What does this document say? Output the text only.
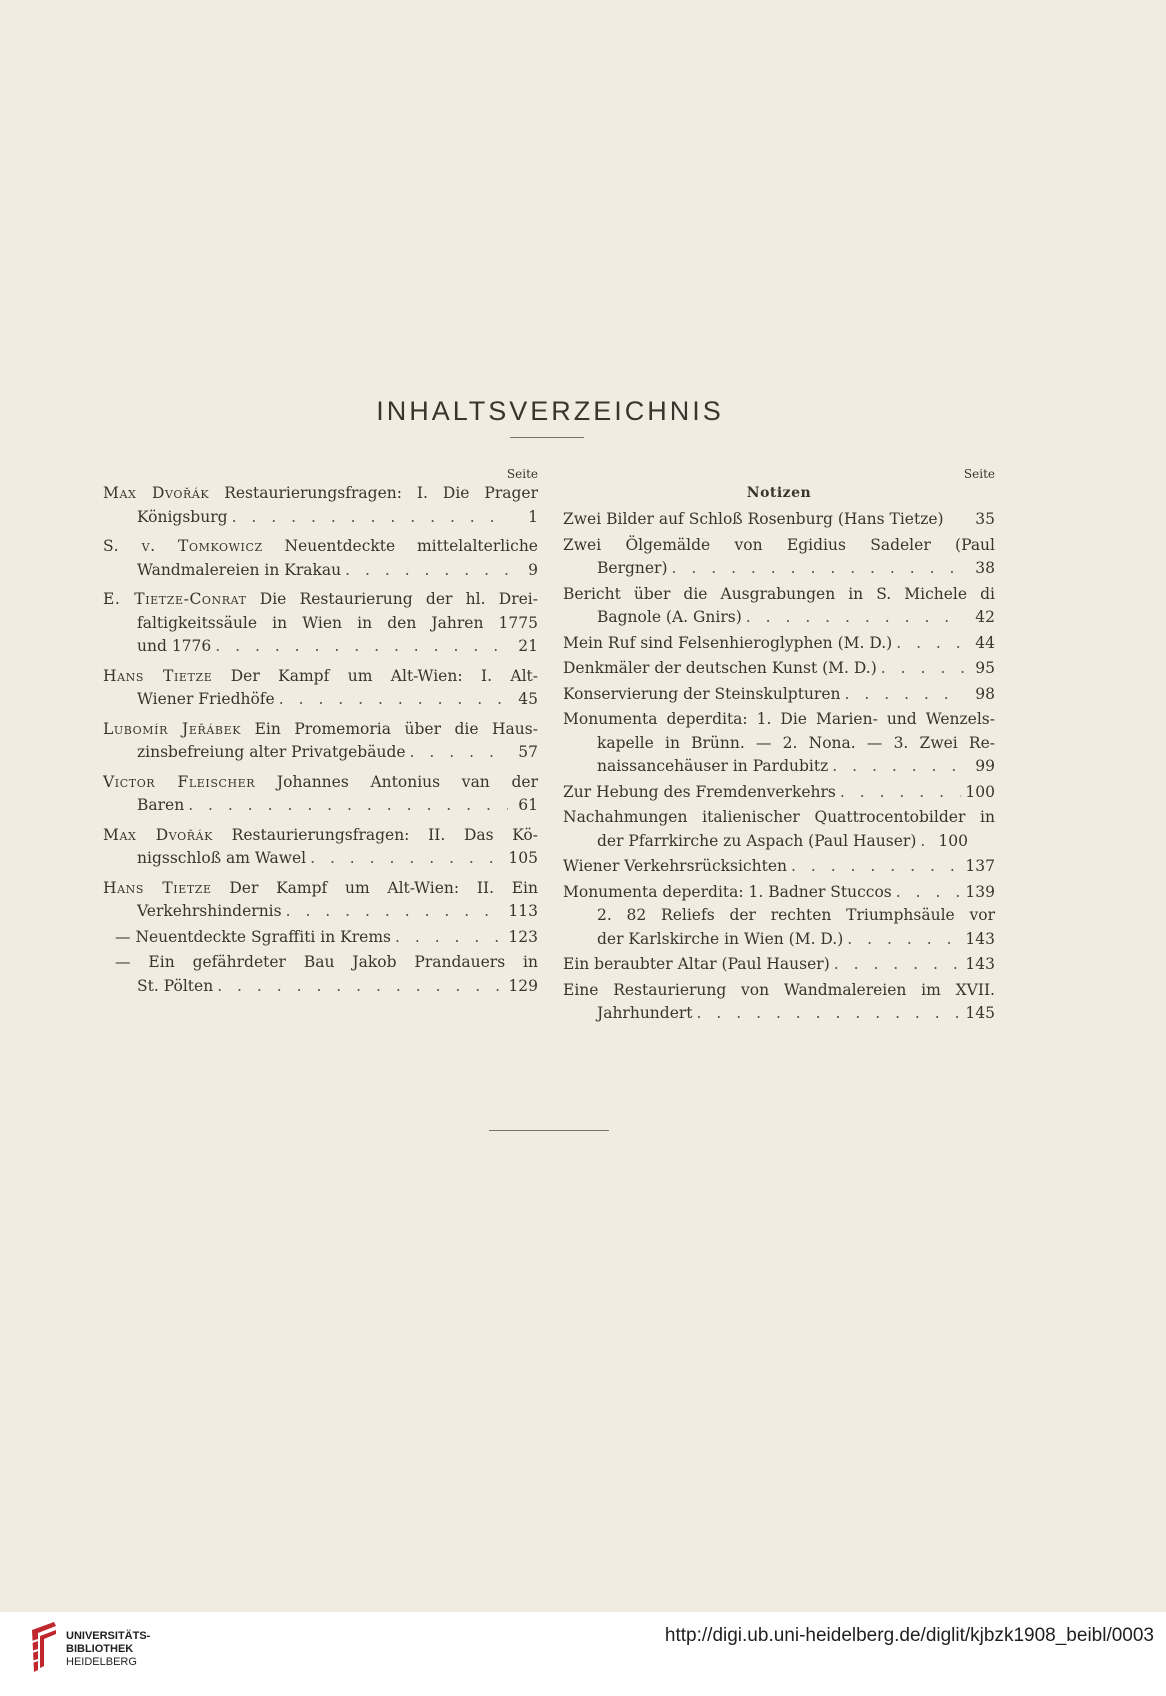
INHALTSVERZEICHNIS
Seite
Max Dvořák Restaurierungsfragen: I. Die Prager
Königsburg . . .	1
S. v. Tomkowicz Neuentdeckte mittelalterliche
Wandmalereien in Krakau . . .	9
E. Tietze-Conrat Die Restaurierung der hl. Drei-
faltigkeitssäule in Wien in den Jahren 1775
und 1776 . . .	21
Hans Tietze Der Kampf um Alt-Wien: I. Alt-
Wiener Friedhöfe . . .	45
Lubomír Jeřábek Ein Promemoria über die Haus-
zinsbefreiung alter Privatgebäude . . .	57
Victor Fleischer Johannes Antonius van der
Baren . . .	61
Max Dvořák Restaurierungsfragen: II. Das Kö-
nigsschloß am Wawel . . .	105
Hans Tietze Der Kampf um Alt-Wien: II. Ein
Verkehrshindernis . . .	113
—
Neuentdeckte Sgraffiti in Krems . . .	123
— Ein gefährdeter Bau Jakob Prandauers in
St. Pölten . . .	129
Seite
Notizen
Zwei Bilder auf Schloß Rosenburg (Hans Tietze)	35
Zwei Ölgemälde von Egidius Sadeler (Paul
Bergner) . . .	38
Bericht über die Ausgrabungen in S. Michele di
Bagnole (A. Gnirs) . . .	42
Mein Ruf sind Felsenhieroglyphen (M. D.) . . .	44
Denkmäler der deutschen Kunst (M. D.) . . .	95
Konservierung der Steinskulpturen . . .	98
Monumenta deperdita: 1. Die Marien- und Wenzels-
kapelle in Brünn. — 2. Nona. — 3. Zwei Re-
naissancehäuser in Pardubitz . . .	99
Zur Hebung des Fremdenverkehrs . . .	100
Nachahmungen italienischer Quattrocentobilder in
der Pfarrkirche zu Aspach (Paul Hauser) . . . 100
Wiener Verkehrsrücksichten . . .	137
Monumenta deperdita: 1. Badner Stuccos . . .	139
2. 82 Reliefs der rechten Triumphsäule vor
der Karlskirche in Wien (M. D.) . . .	143
Ein beraubter Altar (Paul Hauser) . . .	143
Eine Restaurierung von Wandmalereien im XVII.
Jahrhundert . . .	145
UNIVERSITÄTS-
BIBLIOTHEK
HEIDELBERG
http://digi.ub.uni-heidelberg.de/diglit/kjbzk1908_beibl/0003
